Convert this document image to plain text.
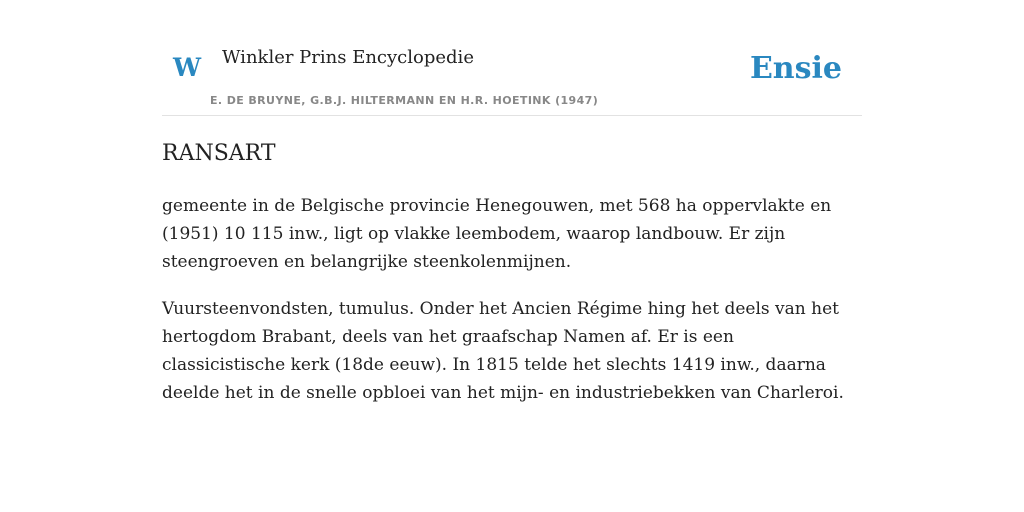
W Winkler Prins Encyclopedie
E. DE BRUYNE, G.B.J. HILTERMANN EN H.R. HOETINK (1947)
Ensie
RANSART

gemeente in de Belgische provincie Henegouwen, met 568 ha oppervlakte en (1951) 10 115 inw., ligt op vlakke leembodem, waarop landbouw. Er zijn steengroeven en belangrijke steenkolenmijnen.

Vuursteenvondsten, tumulus. Onder het Ancien Régime hing het deels van het hertogdom Brabant, deels van het graafschap Namen af. Er is een classicistische kerk (18de eeuw). In 1815 telde het slechts 1419 inw., daarna deelde het in de snelle opbloei van het mijn- en industriebekken van Charleroi.
